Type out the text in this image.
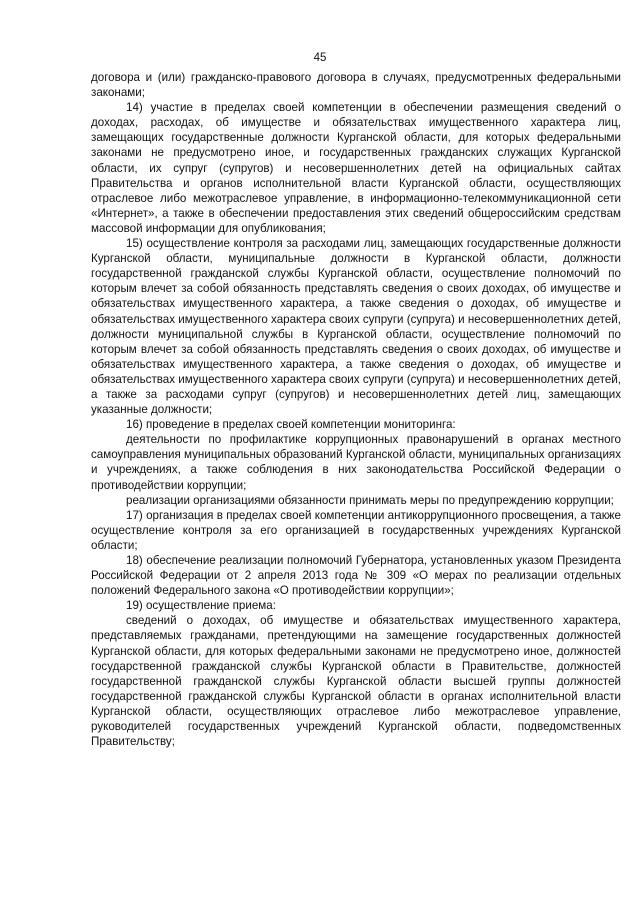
45

договора и (или) гражданско-правового договора в случаях, предусмотренных федеральными законами;

14) участие в пределах своей компетенции в обеспечении размещения сведений о доходах, расходах, об имуществе и обязательствах имущественного характера лиц, замещающих государственные должности Курганской области, для которых федеральными законами не предусмотрено иное, и государственных гражданских служащих Курганской области, их супруг (супругов) и несовершеннолетних детей на официальных сайтах Правительства и органов исполнительной власти Курганской области, осуществляющих отраслевое либо межотраслевое управление, в информационно-телекоммуникационной сети «Интернет», а также в обеспечении предоставления этих сведений общероссийским средствам массовой информации для опубликования;

15) осуществление контроля за расходами лиц, замещающих государственные должности Курганской области, муниципальные должности в Курганской области, должности государственной гражданской службы Курганской области, осуществление полномочий по которым влечет за собой обязанность представлять сведения о своих доходах, об имуществе и обязательствах имущественного характера, а также сведения о доходах, об имуществе и обязательствах имущественного характера своих супруги (супруга) и несовершеннолетних детей, должности муниципальной службы в Курганской области, осуществление полномочий по которым влечет за собой обязанность представлять сведения о своих доходах, об имуществе и обязательствах имущественного характера, а также сведения о доходах, об имуществе и обязательствах имущественного характера своих супруги (супруга) и несовершеннолетних детей, а также за расходами супруг (супругов) и несовершеннолетних детей лиц, замещающих указанные должности;

16) проведение в пределах своей компетенции мониторинга:

деятельности по профилактике коррупционных правонарушений в органах местного самоуправления муниципальных образований Курганской области, муниципальных организациях и учреждениях, а также соблюдения в них законодательства Российской Федерации о противодействии коррупции;

реализации организациями обязанности принимать меры по предупреждению коррупции;

17) организация в пределах своей компетенции антикоррупционного просвещения, а также осуществление контроля за его организацией в государственных учреждениях Курганской области;

18) обеспечение реализации полномочий Губернатора, установленных указом Президента Российской Федерации от 2 апреля 2013 года № 309 «О мерах по реализации отдельных положений Федерального закона «О противодействии коррупции»;

19) осуществление приема:

сведений о доходах, об имуществе и обязательствах имущественного характера, представляемых гражданами, претендующими на замещение государственных должностей Курганской области, для которых федеральными законами не предусмотрено иное, должностей государственной гражданской службы Курганской области в Правительстве, должностей государственной гражданской службы Курганской области высшей группы должностей государственной гражданской службы Курганской области в органах исполнительной власти Курганской области, осуществляющих отраслевое либо межотраслевое управление, руководителей государственных учреждений Курганской области, подведомственных Правительству;
